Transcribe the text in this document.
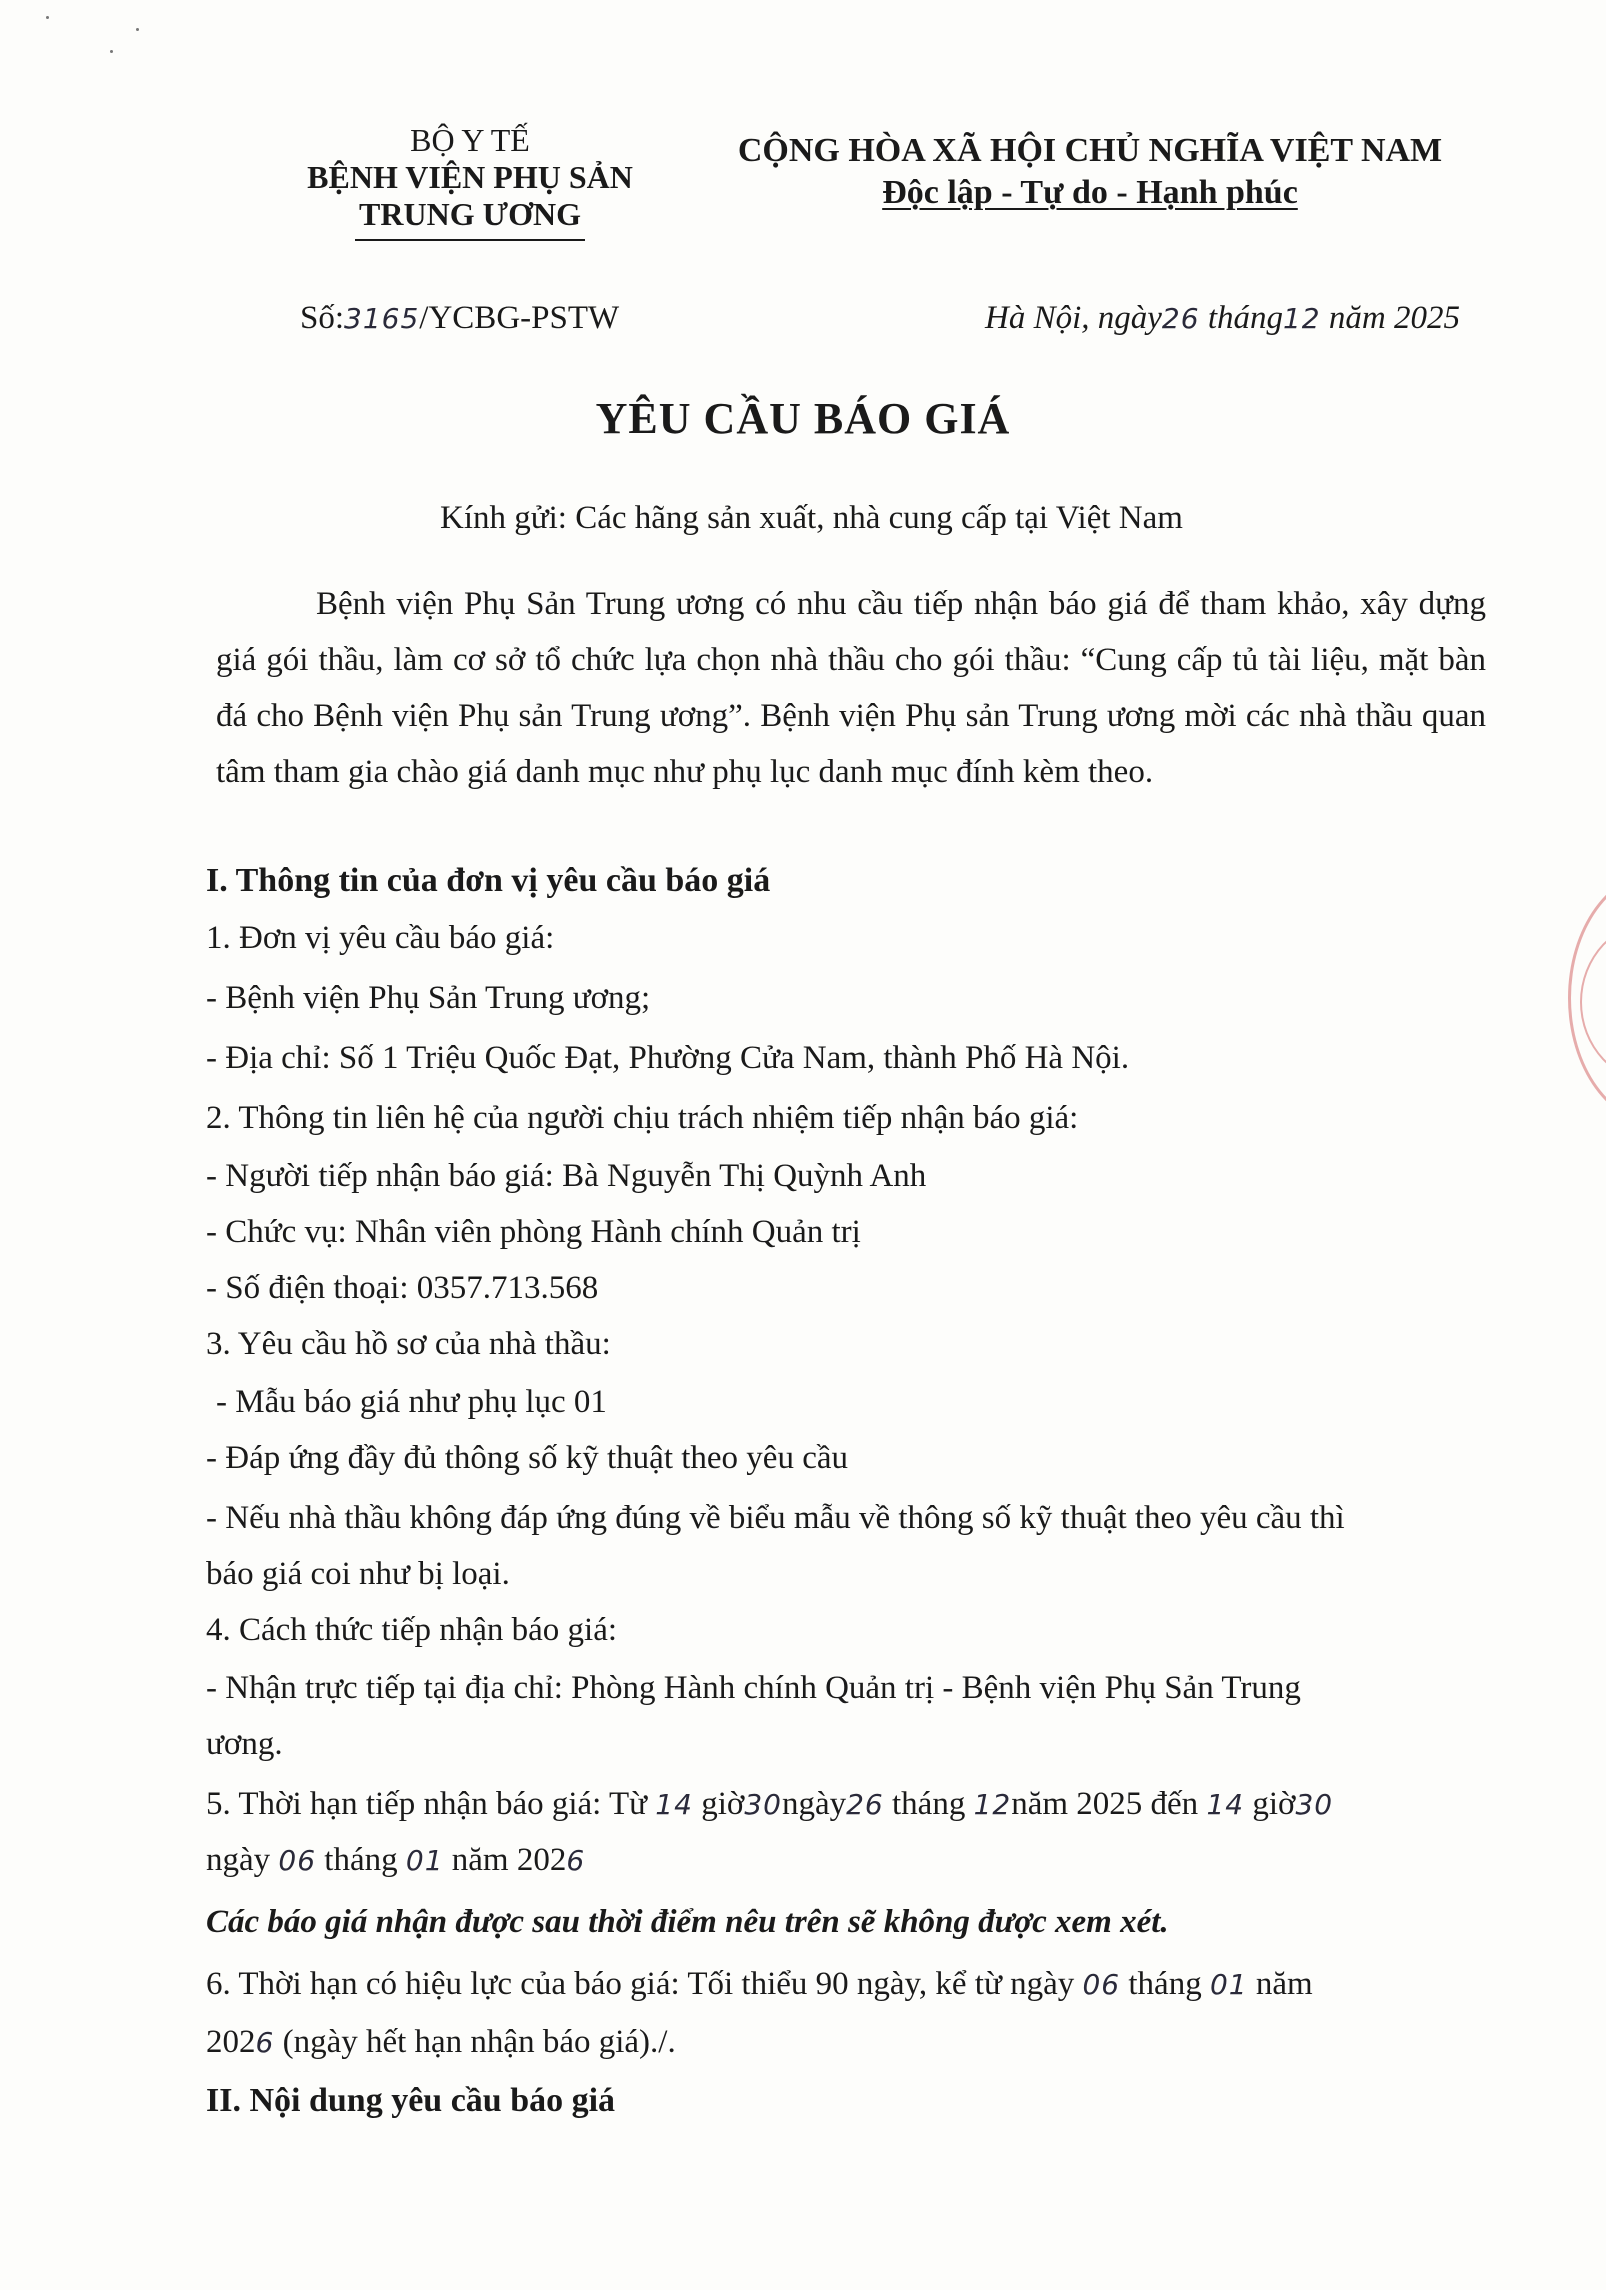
BỘ Y TẾ
BỆNH VIỆN PHỤ SẢN
TRUNG ƯƠNG
CỘNG HÒA XÃ HỘI CHỦ NGHĨA VIỆT NAM
Độc lập - Tự do - Hạnh phúc
Số:3165/YCBG-PSTW	Hà Nội, ngày26 tháng12 năm 2025
YÊU CẦU BÁO GIÁ
Kính gửi: Các hãng sản xuất, nhà cung cấp tại Việt Nam
Bệnh viện Phụ Sản Trung ương có nhu cầu tiếp nhận báo giá để tham khảo, xây dựng giá gói thầu, làm cơ sở tổ chức lựa chọn nhà thầu cho gói thầu: “Cung cấp tủ tài liệu, mặt bàn đá cho Bệnh viện Phụ sản Trung ương”. Bệnh viện Phụ sản Trung ương mời các nhà thầu quan tâm tham gia chào giá danh mục như phụ lục danh mục đính kèm theo.
I. Thông tin của đơn vị yêu cầu báo giá
1. Đơn vị yêu cầu báo giá:
- Bệnh viện Phụ Sản Trung ương;
- Địa chỉ: Số 1 Triệu Quốc Đạt, Phường Cửa Nam, thành Phố Hà Nội.
2. Thông tin liên hệ của người chịu trách nhiệm tiếp nhận báo giá:
- Người tiếp nhận báo giá: Bà Nguyễn Thị Quỳnh Anh
- Chức vụ: Nhân viên phòng Hành chính Quản trị
- Số điện thoại: 0357.713.568
3. Yêu cầu hồ sơ của nhà thầu:
- Mẫu báo giá như phụ lục 01
- Đáp ứng đầy đủ thông số kỹ thuật theo yêu cầu
- Nếu nhà thầu không đáp ứng đúng về biểu mẫu về thông số kỹ thuật theo yêu cầu thì
báo giá coi như bị loại.
4. Cách thức tiếp nhận báo giá:
- Nhận trực tiếp tại địa chỉ: Phòng Hành chính Quản trị - Bệnh viện Phụ Sản Trung
ương.
5. Thời hạn tiếp nhận báo giá: Từ 14 giờ30ngày26 tháng 12năm 2025 đến 14 giờ30
ngày 06 tháng 01 năm 2026
Các báo giá nhận được sau thời điểm nêu trên sẽ không được xem xét.
6. Thời hạn có hiệu lực của báo giá: Tối thiểu 90 ngày, kể từ ngày 06 tháng 01 năm
2026 (ngày hết hạn nhận báo giá)./.
II. Nội dung yêu cầu báo giá
